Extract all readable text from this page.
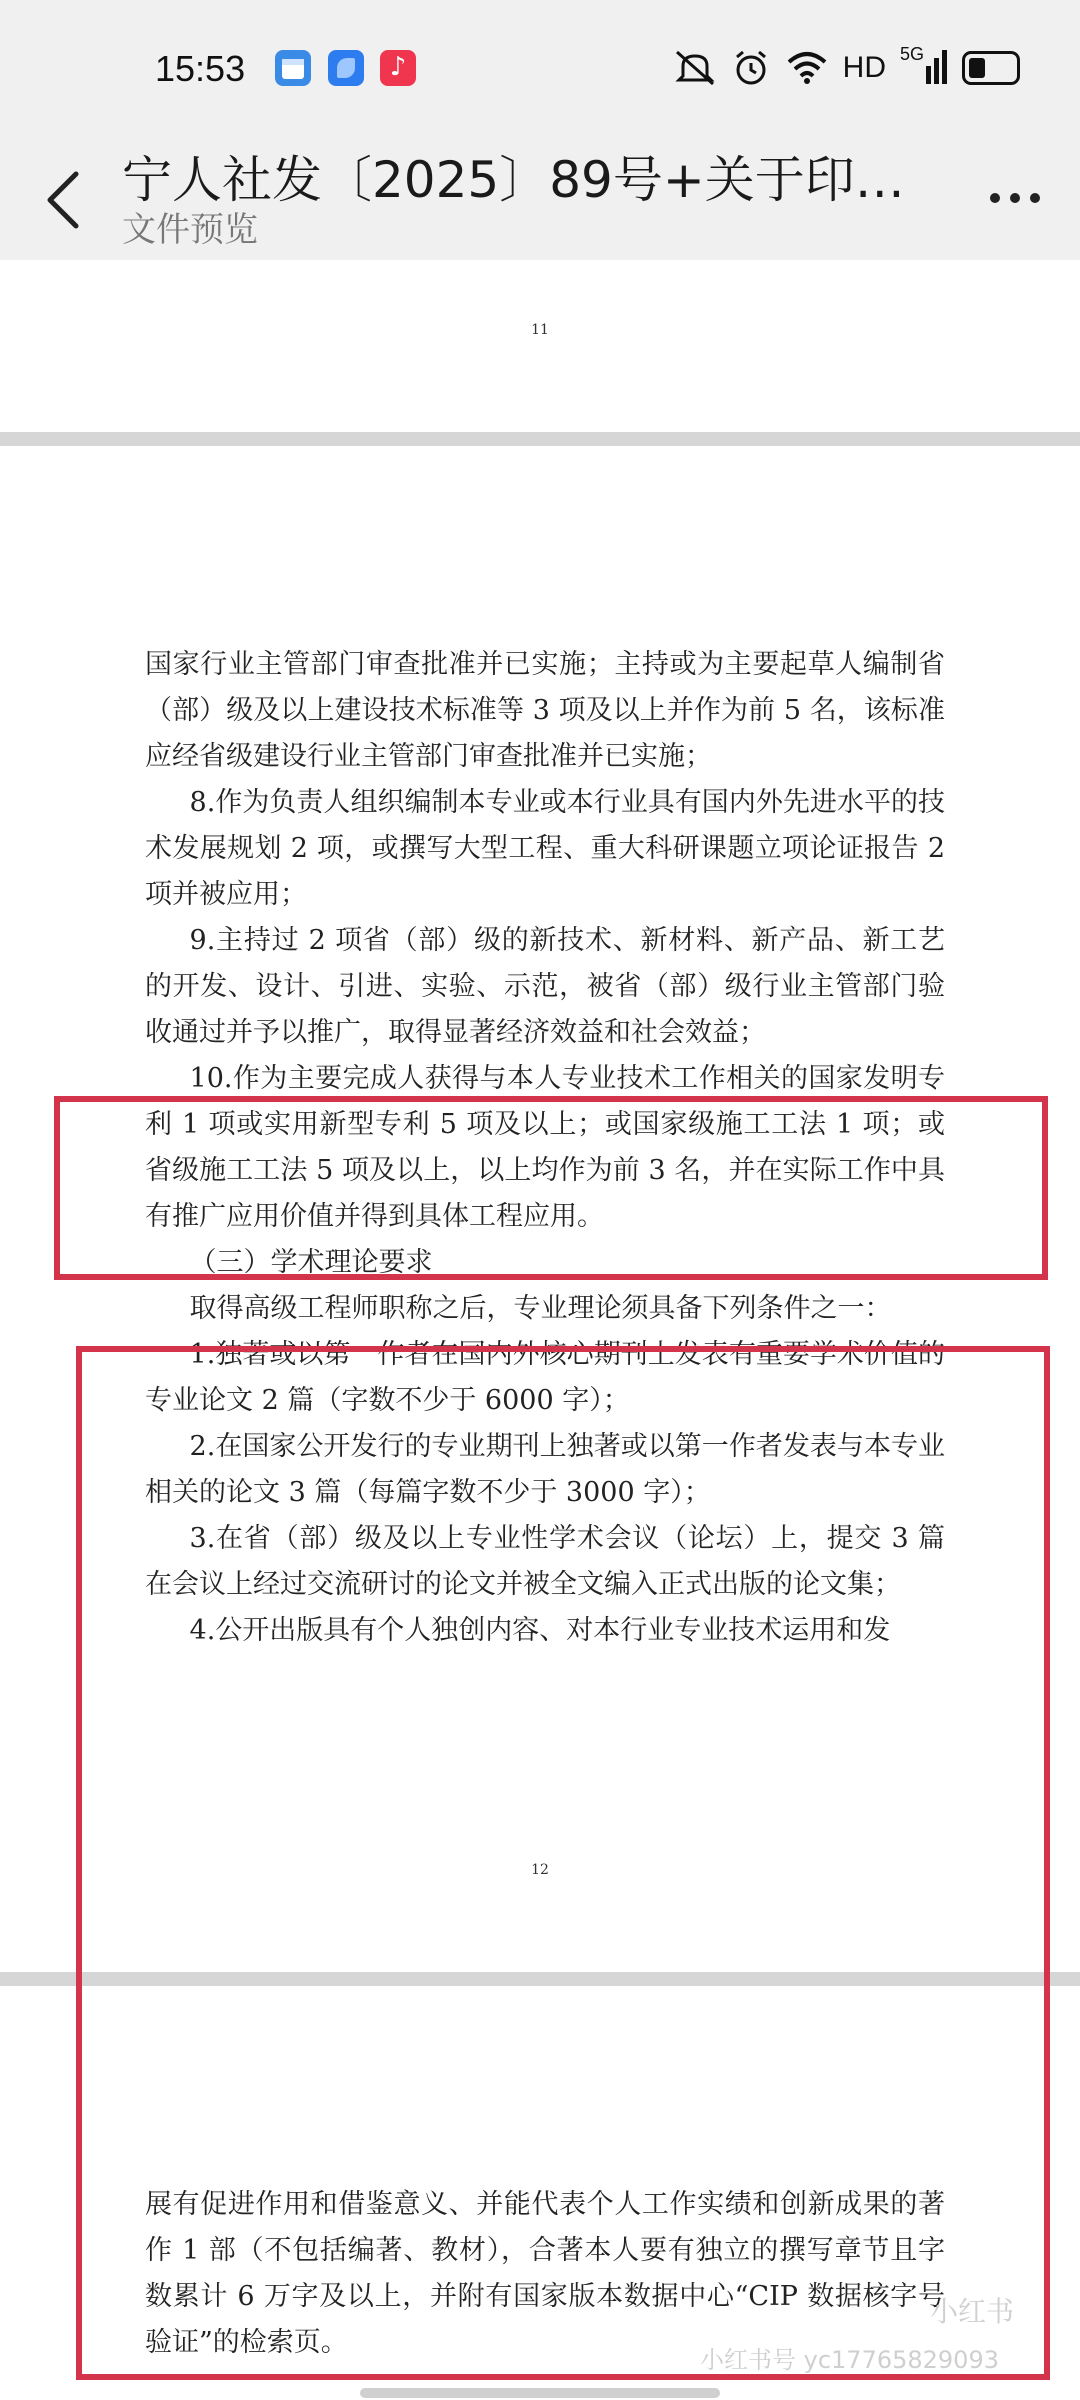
15:53	♪	HD 5G
宁人社发〔2025〕89号+关于印…
文件预览
11

国家行业主管部门审查批准并已实施；主持或为主要起草人编制省（部）级及以上建设技术标准等 3 项及以上并作为前 5 名，该标准应经省级建设行业主管部门审查批准并已实施；

8.作为负责人组织编制本专业或本行业具有国内外先进水平的技术发展规划 2 项，或撰写大型工程、重大科研课题立项论证报告 2 项并被应用；

9.主持过 2 项省（部）级的新技术、新材料、新产品、新工艺的开发、设计、引进、实验、示范，被省（部）级行业主管部门验收通过并予以推广，取得显著经济效益和社会效益；

10.作为主要完成人获得与本人专业技术工作相关的国家发明专利 1 项或实用新型专利 5 项及以上；或国家级施工工法 1 项；或省级施工工法 5 项及以上，以上均作为前 3 名，并在实际工作中具有推广应用价值并得到具体工程应用。

（三）学术理论要求

取得高级工程师职称之后，专业理论须具备下列条件之一：

1.独著或以第一作者在国内外核心期刊上发表有重要学术价值的专业论文 2 篇（字数不少于 6000 字）；

2.在国家公开发行的专业期刊上独著或以第一作者发表与本专业相关的论文 3 篇（每篇字数不少于 3000 字）；

3.在省（部）级及以上专业性学术会议（论坛）上，提交 3 篇在会议上经过交流研讨的论文并被全文编入正式出版的论文集；

4.公开出版具有个人独创内容、对本行业专业技术运用和发

12

展有促进作用和借鉴意义、并能代表个人工作实绩和创新成果的著作 1 部（不包括编著、教材），合著本人要有独立的撰写章节且字数累计 6 万字及以上，并附有国家版本数据中心“CIP 数据核字号验证”的检索页。

小红书
小红书号 yc17765829093
